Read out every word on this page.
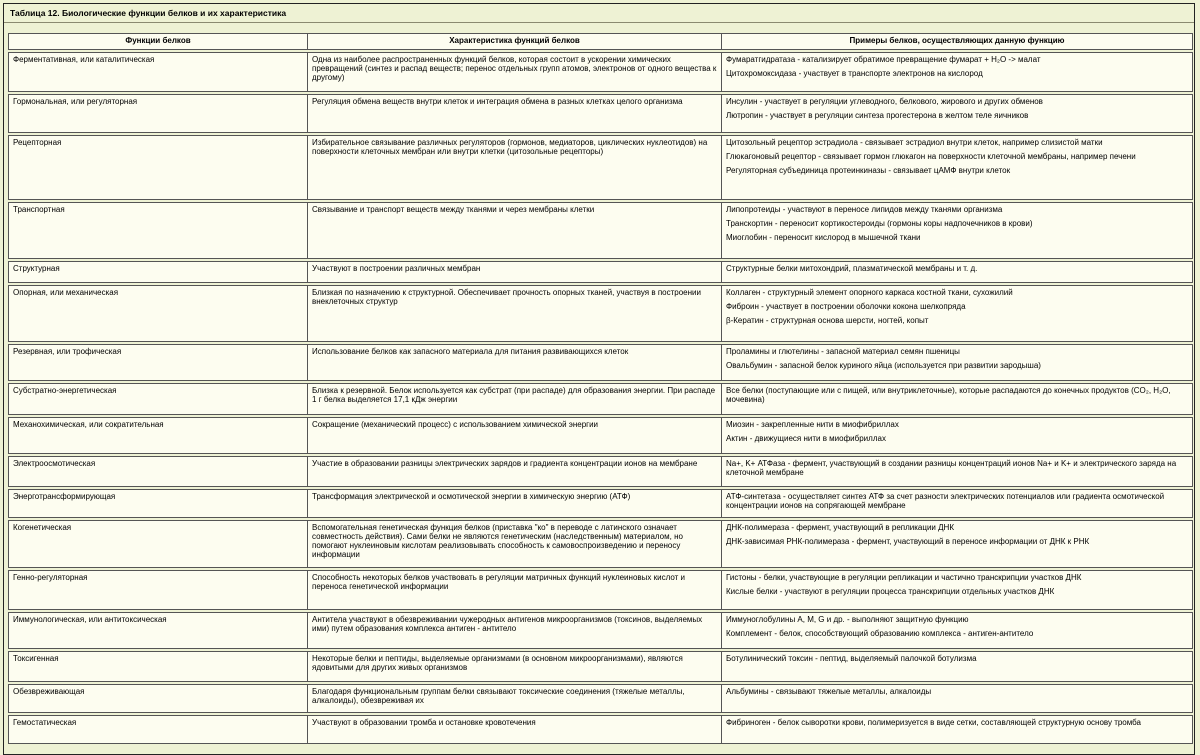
Таблица 12. Биологические функции белков и их характеристика
Функции белков	Характеристика функций белков	Примеры белков, осуществляющих данную функцию
Ферментативная, или каталитическая	Одна из наиболее распространенных функций белков, которая состоит в ускорении химических превращений (синтез и распад веществ; перенос отдельных групп атомов, электронов от одного вещества к другому)	Фумаратгидратаза - катализирует обратимое превращение фумарат + H₂O -> малат
Цитохромоксидаза - участвует в транспорте электронов на кислород

Гормональная, или регуляторная	Регуляция обмена веществ внутри клеток и интеграция обмена в разных клетках целого организма	Инсулин - участвует в регуляции углеводного, белкового, жирового и других обменов
Лютропин - участвует в регуляции синтеза прогестерона в желтом теле яичников

Рецепторная	Избирательное связывание различных регуляторов (гормонов, медиаторов, циклических нуклеотидов) на поверхности клеточных мембран или внутри клетки (цитозольные рецепторы)	Цитозольный рецептор эстрадиола - связывает эстрадиол внутри клеток, например слизистой матки
Глюкагоновый рецептор - связывает гормон глюкагон на поверхности клеточной мембраны, например печени
Регуляторная субъединица протеинкиназы - связывает цАМФ внутри клеток

Транспортная	Связывание и транспорт веществ между тканями и через мембраны клетки	Липопротеиды - участвуют в переносе липидов между тканями организма
Транскортин - переносит кортикостероиды (гормоны коры надпочечников в крови)
Миоглобин - переносит кислород в мышечной ткани

Структурная	Участвуют в построении различных мембран	Структурные белки митохондрий, плазматической мембраны и т. д.

Опорная, или механическая	Близкая по назначению к структурной. Обеспечивает прочность опорных тканей, участвуя в построении внеклеточных структур	Коллаген - структурный элемент опорного каркаса костной ткани, сухожилий
Фиброин - участвует в построении оболочки кокона шелкопряда
β-Кератин - структурная основа шерсти, ногтей, копыт

Резервная, или трофическая	Использование белков как запасного материала для питания развивающихся клеток	Проламины и глютелины - запасной материал семян пшеницы
Овальбумин - запасной белок куриного яйца (используется при развитии зародыша)

Субстратно-энергетическая	Близка к резервной. Белок используется как субстрат (при распаде) для образования энергии. При распаде 1 г белка выделяется 17,1 кДж энергии	Все белки (поступающие или с пищей, или внутриклеточные), которые распадаются до конечных продуктов (CO₂, H₂O, мочевина)

Механохимическая, или сократительная	Сокращение (механический процесс) с использованием химической энергии	Миозин - закрепленные нити в миофибриллах
Актин - движущиеся нити в миофибриллах

Электроосмотическая	Участие в образовании разницы электрических зарядов и градиента концентрации ионов на мембране	Na+, K+ АТФаза - фермент, участвующий в создании разницы концентраций ионов Na+ и K+ и электрического заряда на клеточной мембране

Энерготрансформирующая	Трансформация электрической и осмотической энергии в химическую энергию (АТФ)	АТФ-синтетаза - осуществляет синтез АТФ за счет разности электрических потенциалов или градиента осмотической концентрации ионов на сопрягающей мембране

Когенетическая	Вспомогательная генетическая функция белков (приставка "ко" в переводе с латинского означает совместность действия). Сами белки не являются генетическим (наследственным) материалом, но помогают нуклеиновым кислотам реализовывать способность к самовоспроизведению и переносу информации	ДНК-полимераза - фермент, участвующий в репликации ДНК
ДНК-зависимая РНК-полимераза - фермент, участвующий в переносе информации от ДНК к РНК

Генно-регуляторная	Способность некоторых белков участвовать в регуляции матричных функций нуклеиновых кислот и переноса генетической информации	Гистоны - белки, участвующие в регуляции репликации и частично транскрипции участков ДНК
Кислые белки - участвуют в регуляции процесса транскрипции отдельных участков ДНК

Иммунологическая, или антитоксическая	Антитела участвуют в обезвреживании чужеродных антигенов микроорганизмов (токсинов, выделяемых ими) путем образования комплекса антиген - антитело	Иммуноглобулины A, M, G и др. - выполняют защитную функцию
Комплемент - белок, способствующий образованию комплекса - антиген-антитело

Токсигенная	Некоторые белки и пептиды, выделяемые организмами (в основном микроорганизмами), являются ядовитыми для других живых организмов	Ботулинический токсин - пептид, выделяемый палочкой ботулизма

Обезвреживающая	Благодаря функциональным группам белки связывают токсические соединения (тяжелые металлы, алкалоиды), обезвреживая их	Альбумины - связывают тяжелые металлы, алкалоиды

Гемостатическая	Участвуют в образовании тромба и остановке кровотечения	Фибриноген - белок сыворотки крови, полимеризуется в виде сетки, составляющей структурную основу тромба
